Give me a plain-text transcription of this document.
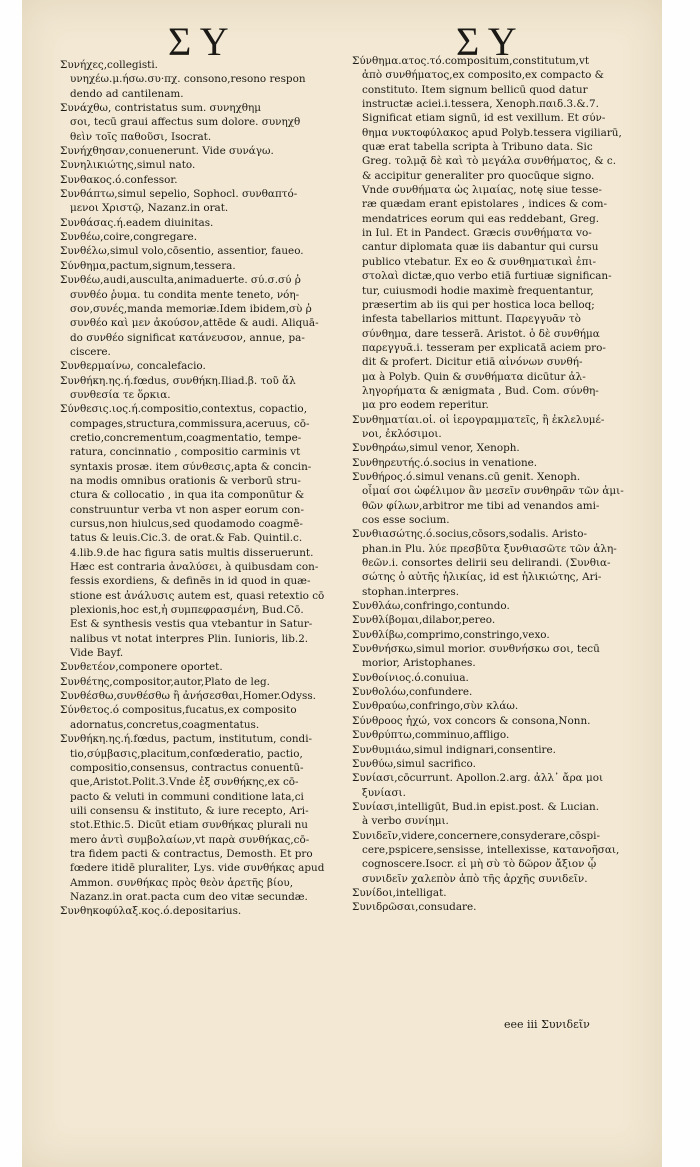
Σ Υ	Σ Υ
Συνήχες,collegisti.
υνηχέω.μ.ήσω.συ·πχ. consono,resono respon
dendo ad cantilenam.
Συνάχθω, contristatus sum. συνηχθημ
σοι, tecū graui affectus sum dolore. συνηχθ
θεὶν τοῖς παθοῦσι, Isocrat.
Συνήχθησαν,conuenerunt. Vide συνάγω.
Συνηλικιώτης,simul nato.
Συνθακος.ό.confessor.
Συνθάπτω,simul sepelio, Sophocl. συνθαπτό-
μενοι Χριστῷ, Nazanz.in orat.
Συνθάσας.ή.eadem diuinitas.
Συνθέω,coire,congregare.
Συνθέλω,simul volo,cōsentio, assentior, faueo.
Σύνθημα,pactum,signum,tessera.
Συνθέω,audi,ausculta,animaduerte. σύ.σ.σύ ῥ
συνθέο ῥυμα. tu condita mente teneto, νόη-
σον,συνές,manda memoriæ.Idem ibidem,σὺ ῥ
συνθέο καὶ μεν ἀκούσον,attēde & audi. Aliquā-
do συνθέο significat κατάνευσον, annue, pa-
ciscere.
Συνθερμαίνω, concalefacio.
Συνθήκη.ης.ή.fœdus, συνθήκη.Iliad.β. τοῦ ἄλ
συνθεσία τε ὅρκια.
Σύνθεσις.ιος.ή.compositio,contextus, copactio,
compages,structura,commissura,aceruus, cō-
cretio,concrementum,coagmentatio, tempe-
ratura, concinnatio , compositio carminis vt
syntaxis prosæ. item σύνθεσις,apta & concin-
na modis omnibus orationis & verborū stru-
ctura & collocatio , in qua ita componūtur &
construuntur verba vt non asper eorum con-
cursus,non hiulcus,sed quodamodo coagmē-
tatus & leuis.Cic.3. de orat.& Fab. Quintil.c.
4.lib.9.de hac figura satis multis disseruerunt.
Hæc est contraria ἀναλύσει, à quibusdam con-
fessis exordiens, & definēs in id quod in quæ-
stione est ἀνάλυσις autem est, quasi retextio cō
plexionis,hoc est,ἡ συμπεφρασμένη, Bud.Cō.
Est & synthesis vestis qua vtebantur in Satur-
nalibus vt notat interpres Plin. Iunioris, lib.2.
Vide Bayf.
Συνθετέον,componere oportet.
Συνθέτης,compositor,autor,Plato de leg.
Συνθέσθω,συνθέσθω ἢ ἀνήσεσθαι,Homer.Odyss.
Σύνθετος.ό compositus,fucatus,ex composito
adornatus,concretus,coagmentatus.
Συνθήκη.ης.ή.fœdus, pactum, institutum, condi-
tio,σύμβασις,placitum,confœderatio, pactio,
compositio,consensus, contractus conuentū-
que,Aristot.Polit.3.Vnde ἐξ συνθήκης,ex cō-
pacto & veluti in communi conditione lata,ci
uili consensu & instituto, & iure recepto, Ari-
stot.Ethic.5. Dicūt etiam συνθήκας plurali nu
mero ἀντὶ συμβολαίων,vt παρὰ συνθήκας,cō-
tra fidem pacti & contractus, Demosth. Et pro
fœdere itidē pluraliter, Lys. vide συνθήκας apud
Ammon. συνθήκας πρὸς θεὸν ἀρετῆς βίου,
Nazanz.in orat.pacta cum deo vitæ secundæ.
Συνθηκοφύλαξ.κος.ό.depositarius.
Σύνθημα.ατος.τό.compositum,constitutum,vt
ἀπὸ συνθήματος,ex composito,ex compacto &
constituto. Item signum bellicū quod datur
instructæ aciei.i.tessera, Xenoph.παιδ.3.&.7.
Significat etiam signū, id est vexillum. Et σύν-
θημα νυκτοφύλακος apud Polyb.tessera vigiliarū,
quæ erat tabella scripta à Tribuno data. Sic
Greg. τολμᾷ δὲ καὶ τὸ μεγάλα συνθήματος, & c.
& accipitur generaliter pro quocūque signo.
Vnde συνθήματα ὠς λιμαίας, notę siue tesse-
ræ quædam erant epistolares , indices & com-
mendatrices eorum qui eas reddebant, Greg.
in Iul. Et in Pandect. Græcis συνθήματα vo-
cantur diplomata quæ iis dabantur qui cursu
publico vtebatur. Ex eo & συνθηματικαὶ ἐπι-
στολαὶ dictæ,quo verbo etiā furtiuæ significan-
tur, cuiusmodi hodie maximè frequentantur,
præsertim ab iis qui per hostica loca belloq;
infesta tabellarios mittunt. Παρεγγυᾶν τὸ
σύνθημα, dare tesserā. Aristot. ὁ δὲ συνθήμα
παρεγγυᾶ.i. tesseram per explicatā aciem pro-
dit & profert. Dicitur etiā αἰνόνων συνθή-
μα à Polyb. Quin & συνθήματα dicūtur ἀλ-
ληγορήματα & ænigmata , Bud. Com. σύνθη-
μα pro eodem reperitur.
Συνθηματίαι.οἱ. οἱ ἱερογραμματεῖς, ἢ ἐκλελυμέ-
νοι, ἐκλόσιμοι.
Συνθηράω,simul venor, Xenoph.
Συνθηρευτής.ό.socius in venatione.
Συνθήρος.ό.simul venans.cū genit. Xenoph.
οἶμαί σοι ὠφέλιμον ἂν μεσεῖν συνθηρᾶν τῶν ἀμι-
θῶν φίλων,arbitror me tibi ad venandos ami-
cos esse socium.
Συνθιασώτης.ό.socius,cōsors,sodalis. Aristo-
phan.in Plu. λύε πρεσβῦτα ξυνθιασῶτε τῶν ἀλη-
θεῶν.i. consortes delirii seu delirandi. (Συνθια-
σώτης ὁ αὐτῆς ἡλικίας, id est ἡλικιώτης, Ari-
stophan.interpres.
Συνθλάω,confringo,contundo.
Συνθλίβομαι,dilabor,pereo.
Συνθλίβω,comprimo,constringo,vexo.
Συνθνήσκω,simul morior. συνθνήσκω σοι, tecū
morior, Aristophanes.
Συνθοίνιος.ό.conuiua.
Συνθολόω,confundere.
Συνθραύω,confringo,σὺν κλάω.
Σύνθροος ἠχώ, vox concors & consona,Nonn.
Συνθρύπτω,comminuo,affligo.
Συνθυμιάω,simul indignari,consentire.
Συνθύω,simul sacrifico.
Συνίασι,cōcurrunt. Apollon.2.arg. ἀλλ᾽ ἄρα μοι
ξυνίασι.
Συνίασι,intelligūt, Bud.in epist.post. & Lucian.
à verbo συνίημι.
Συνιδεῖν,videre,concernere,consyderare,cōspi-
cere,pspicere,sensisse, intellexisse, κατανοῆσαι,
cognoscere.Isocr. εἰ μὴ σὺ τὸ δῶρον ἄξιον ᾧ
συνιδεῖν χαλεπὸν ἀπὸ τῆς ἀρχῆς συνιδεῖν.
Συνίδοι,intelligat.
Συνιδρῶσαι,consudare.
eee iii Συνιδεῖν
